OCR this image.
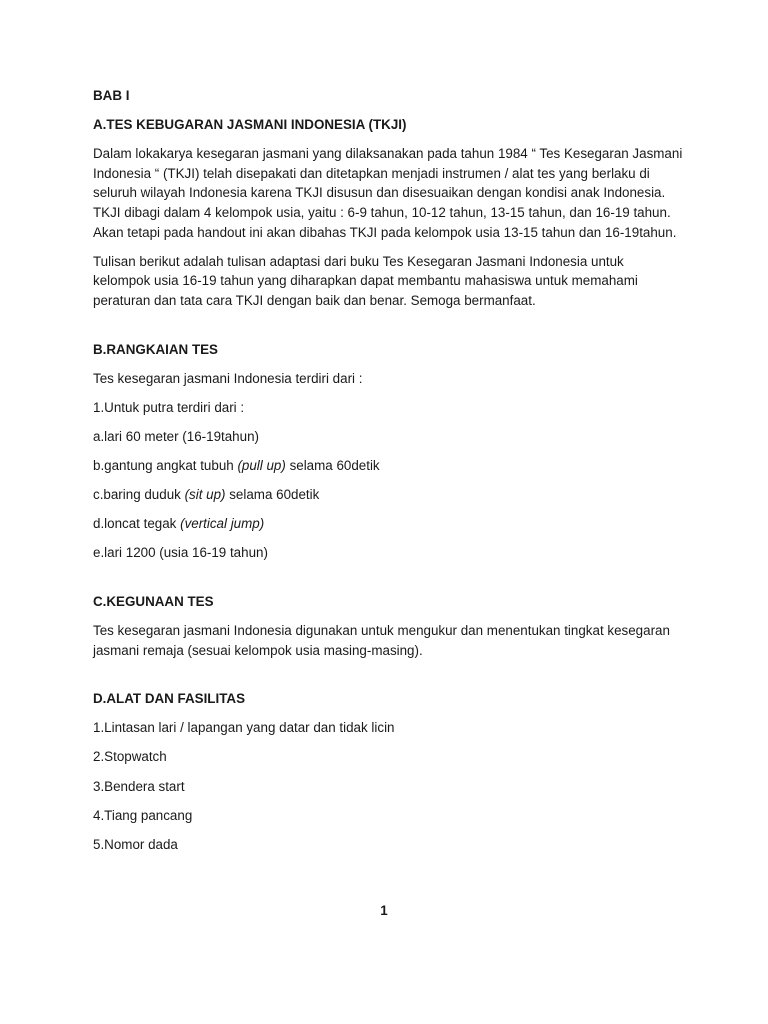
BAB I
A.TES KEBUGARAN JASMANI INDONESIA (TKJI)
Dalam lokakarya kesegaran jasmani yang dilaksanakan pada tahun 1984 “ Tes Kesegaran Jasmani Indonesia “ (TKJI) telah disepakati dan ditetapkan menjadi instrumen / alat tes yang berlaku di seluruh wilayah Indonesia karena TKJI disusun dan disesuaikan dengan kondisi anak Indonesia. TKJI dibagi dalam 4 kelompok usia, yaitu : 6-9 tahun, 10-12 tahun, 13-15 tahun, dan 16-19 tahun. Akan tetapi pada handout ini akan dibahas TKJI pada kelompok usia 13-15 tahun dan 16-19tahun.
Tulisan berikut adalah tulisan adaptasi dari buku Tes Kesegaran Jasmani Indonesia untuk kelompok usia 16-19 tahun yang diharapkan dapat membantu mahasiswa untuk memahami peraturan dan tata cara TKJI dengan baik dan benar. Semoga bermanfaat.
B.RANGKAIAN TES
Tes kesegaran jasmani Indonesia terdiri dari :
1.Untuk putra terdiri dari :
a.lari 60 meter (16-19tahun)
b.gantung angkat tubuh (pull up) selama 60detik
c.baring duduk (sit up) selama 60detik
d.loncat tegak (vertical jump)
e.lari 1200 (usia 16-19 tahun)
C.KEGUNAAN TES
Tes kesegaran jasmani Indonesia digunakan untuk mengukur dan menentukan tingkat kesegaran jasmani remaja (sesuai kelompok usia masing-masing).
D.ALAT DAN FASILITAS
1.Lintasan lari / lapangan yang datar dan tidak licin
2.Stopwatch
3.Bendera start
4.Tiang pancang
5.Nomor dada
1
